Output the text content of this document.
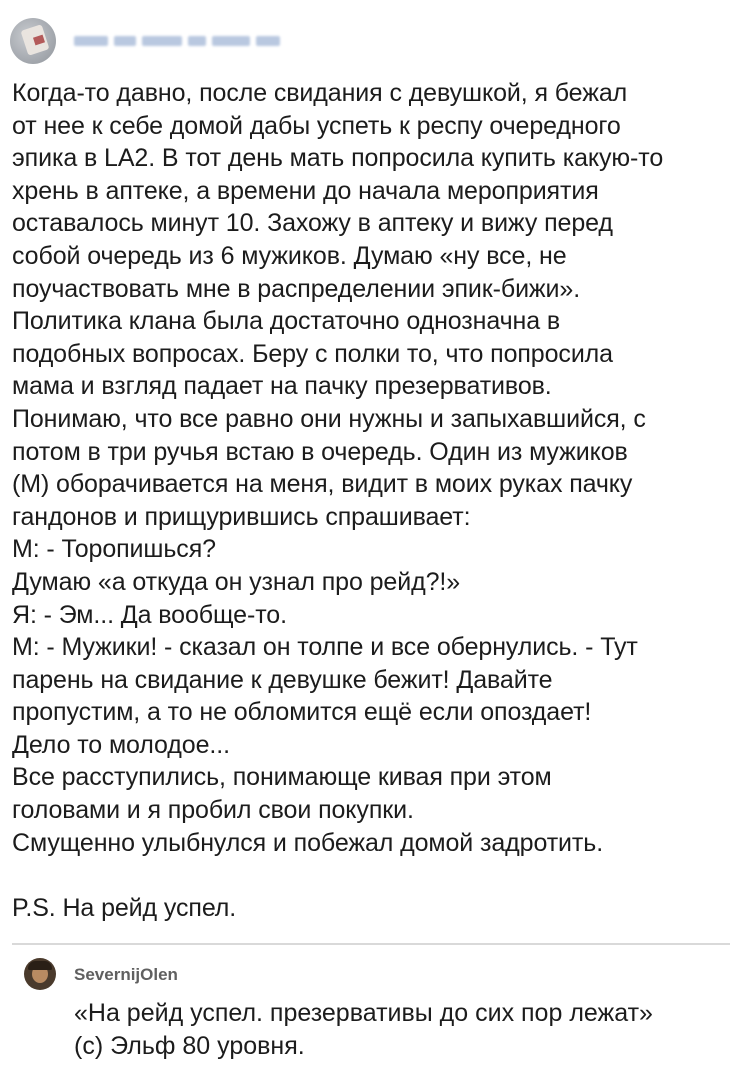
Когда-то давно, после свидания с девушкой, я бежал
от нее к себе домой дабы успеть к респу очередного
эпика в LA2. В тот день мать попросила купить какую-то
хрень в аптеке, а времени до начала мероприятия
оставалось минут 10. Захожу в аптеку и вижу перед
собой очередь из 6 мужиков. Думаю «ну все, не
поучаствовать мне в распределении эпик-бижи».
Политика клана была достаточно однозначна в
подобных вопросах. Беру с полки то, что попросила
мама и взгляд падает на пачку презервативов.
Понимаю, что все равно они нужны и запыхавшийся, с
потом в три ручья встаю в очередь. Один из мужиков
(М) оборачивается на меня, видит в моих руках пачку
гандонов и прищурившись спрашивает:
М: - Торопишься?
Думаю «а откуда он узнал про рейд?!»
Я: - Эм... Да вообще-то.
М: - Мужики! - сказал он толпе и все обернулись. - Тут
парень на свидание к девушке бежит! Давайте
пропустим, а то не обломится ещё если опоздает!
Дело то молодое...
Все расступились, понимающе кивая при этом
головами и я пробил свои покупки.
Смущенно улыбнулся и побежал домой задротить.
P.S. На рейд успел.
SevernijOlen
«На рейд успел. презервативы до сих пор лежат»
(с) Эльф 80 уровня.
